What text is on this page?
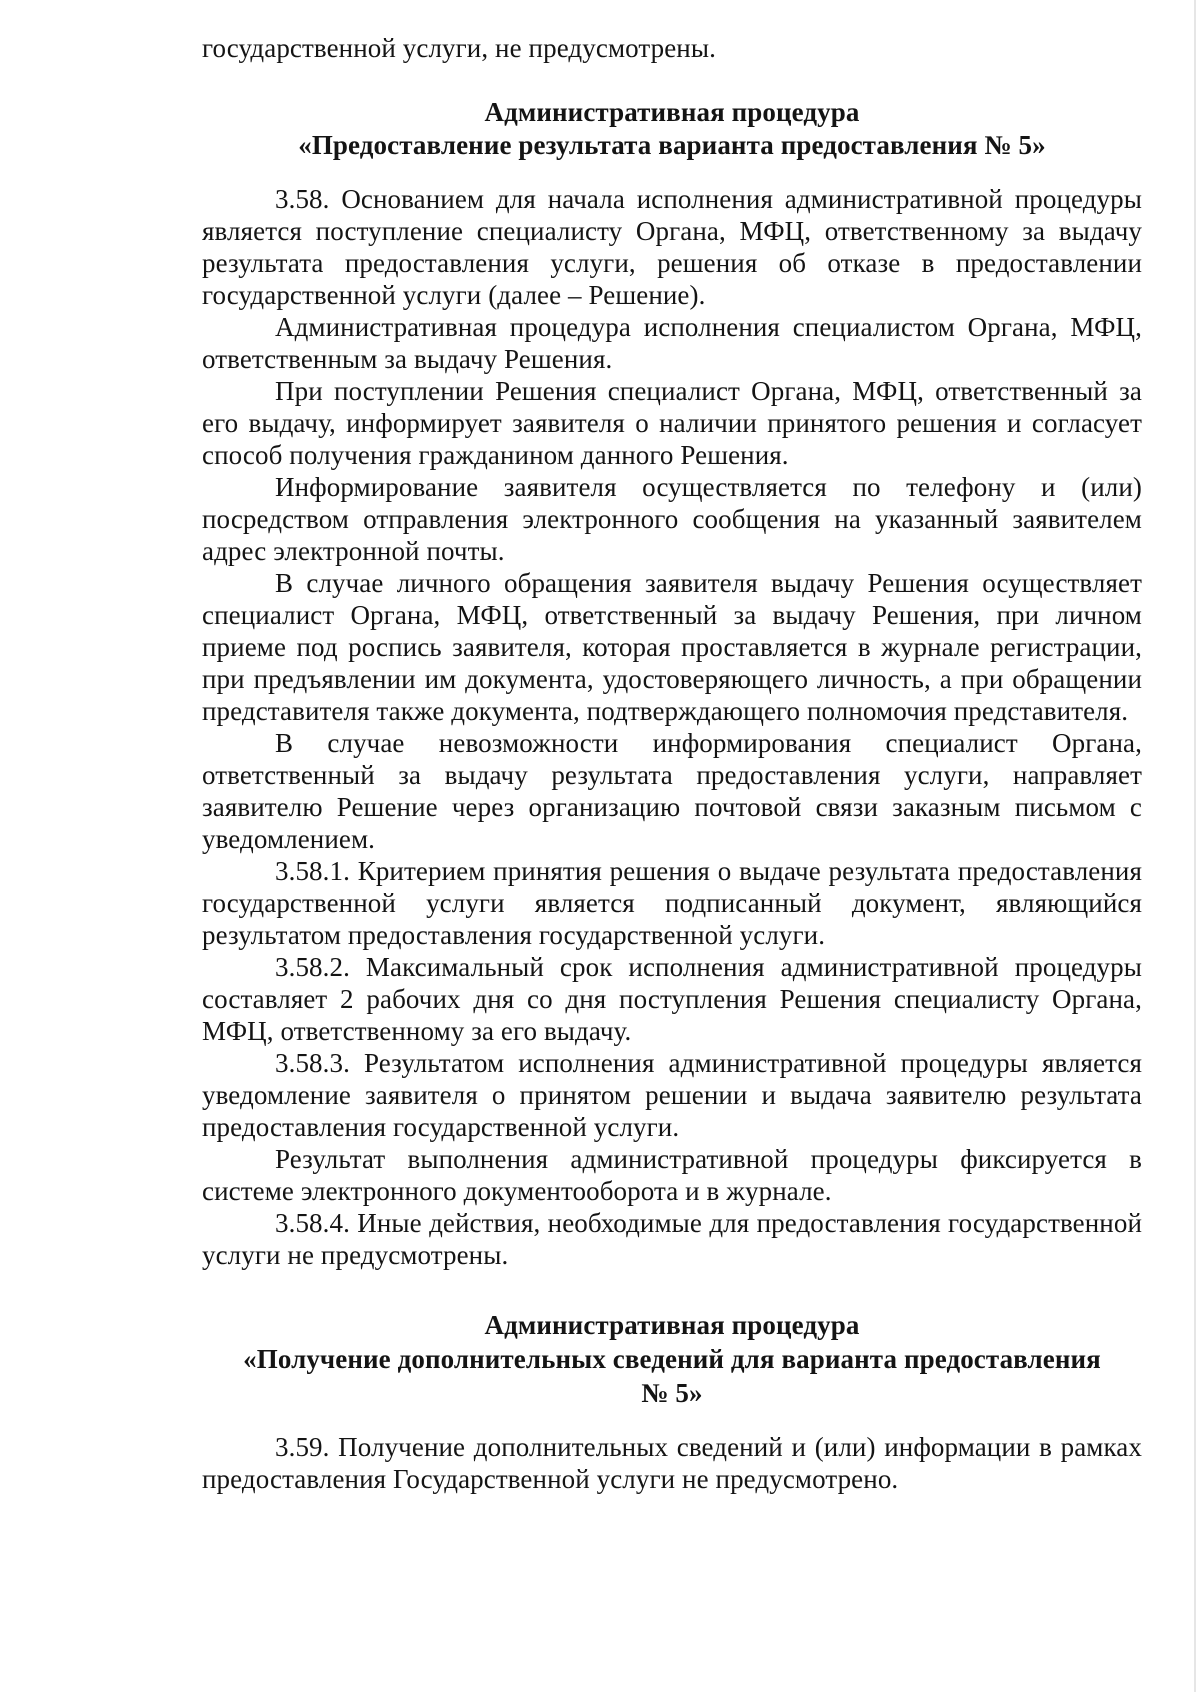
государственной услуги, не предусмотрены.

Административная процедура

«Предоставление результата варианта предоставления № 5»

3.58. Основанием для начала исполнения административной процедуры является поступление специалисту Органа, МФЦ, ответственному за выдачу результата предоставления услуги, решения об отказе в предоставлении государственной услуги (далее – Решение).

Административная процедура исполнения специалистом Органа, МФЦ, ответственным за выдачу Решения.

При поступлении Решения специалист Органа, МФЦ, ответственный за его выдачу, информирует заявителя о наличии принятого решения и согласует способ получения гражданином данного Решения.

Информирование заявителя осуществляется по телефону и (или) посредством отправления электронного сообщения на указанный заявителем адрес электронной почты.

В случае личного обращения заявителя выдачу Решения осуществляет специалист Органа, МФЦ, ответственный за выдачу Решения, при личном приеме под роспись заявителя, которая проставляется в журнале регистрации, при предъявлении им документа, удостоверяющего личность, а при обращении представителя также документа, подтверждающего полномочия представителя.

В случае невозможности информирования специалист Органа, ответственный за выдачу результата предоставления услуги, направляет заявителю Решение через организацию почтовой связи заказным письмом с уведомлением.

3.58.1. Критерием принятия решения о выдаче результата предоставления государственной услуги является подписанный документ, являющийся результатом предоставления государственной услуги.

3.58.2. Максимальный срок исполнения административной процедуры составляет 2 рабочих дня со дня поступления Решения специалисту Органа, МФЦ, ответственному за его выдачу.

3.58.3. Результатом исполнения административной процедуры является уведомление заявителя о принятом решении и выдача заявителю результата предоставления государственной услуги.

Результат выполнения административной процедуры фиксируется в системе электронного документооборота и в журнале.

3.58.4. Иные действия, необходимые для предоставления государственной услуги не предусмотрены.

Административная процедура

«Получение дополнительных сведений для варианта предоставления

№ 5»

3.59. Получение дополнительных сведений и (или) информации в рамках предоставления Государственной услуги не предусмотрено.
